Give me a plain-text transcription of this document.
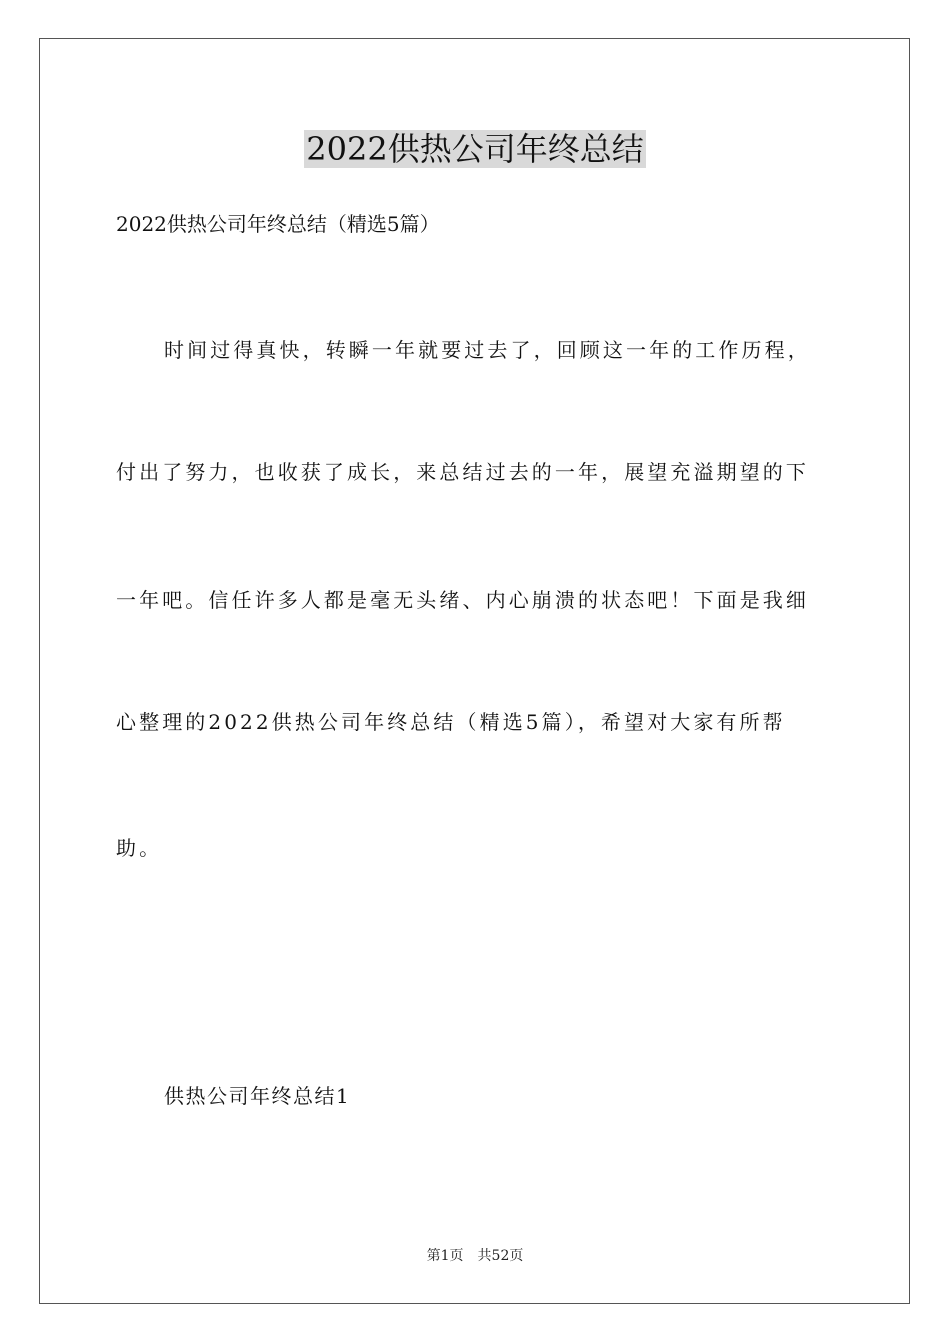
2022供热公司年终总结
2022供热公司年终总结（精选5篇）
时间过得真快，转瞬一年就要过去了，回顾这一年的工作历程，
付出了努力，也收获了成长，来总结过去的一年，展望充溢期望的下
一年吧。信任许多人都是毫无头绪、内心崩溃的状态吧！下面是我细
心整理的2022供热公司年终总结（精选5篇），希望对大家有所帮
助。
供热公司年终总结1
第1页　共52页
